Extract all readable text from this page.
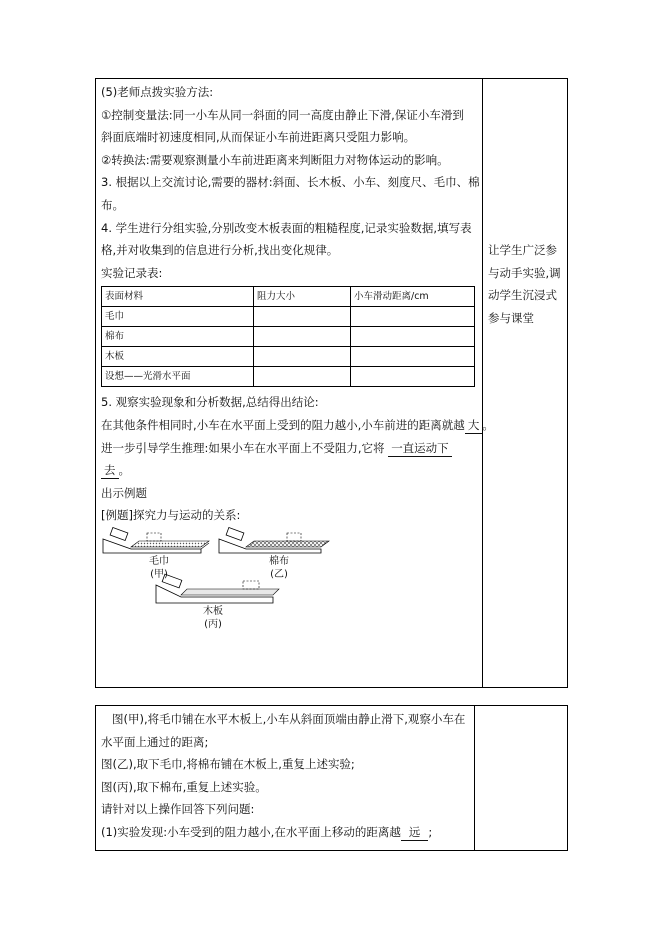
(5)老师点拨实验方法:
①控制变量法:同一小车从同一斜面的同一高度由静止下滑,保证小车滑到
斜面底端时初速度相同,从而保证小车前进距离只受阻力影响。
②转换法:需要观察测量小车前进距离来判断阻力对物体运动的影响。
3. 根据以上交流讨论,需要的器材:斜面、长木板、小车、刻度尺、毛巾、棉
布。
4. 学生进行分组实验,分别改变木板表面的粗糙程度,记录实验数据,填写表
格,并对收集到的信息进行分析,找出变化规律。
实验记录表:
表面材料	阻力大小	小车滑动距离/cm
毛巾		
棉布		
木板		
设想——光滑水平面		
5. 观察实验现象和分析数据,总结得出结论:
在其他条件相同时,小车在水平面上受到的阻力越小,小车前进的距离就越 大 。
进一步引导学生推理:如果小车在水平面上不受阻力,它将 一直运动下
去 。
出示例题
[例题]探究力与运动的关系:
毛巾
(甲)
棉布
(乙)
木板
(丙)
让学生广泛参
与动手实验,调
动学生沉浸式
参与课堂
图(甲),将毛巾铺在水平木板上,小车从斜面顶端由静止滑下,观察小车在
水平面上通过的距离;
图(乙),取下毛巾,将棉布铺在木板上,重复上述实验;
图(丙),取下棉布,重复上述实验。
请针对以上操作回答下列问题:
(1)实验发现:小车受到的阻力越小,在水平面上移动的距离越 远 ;
